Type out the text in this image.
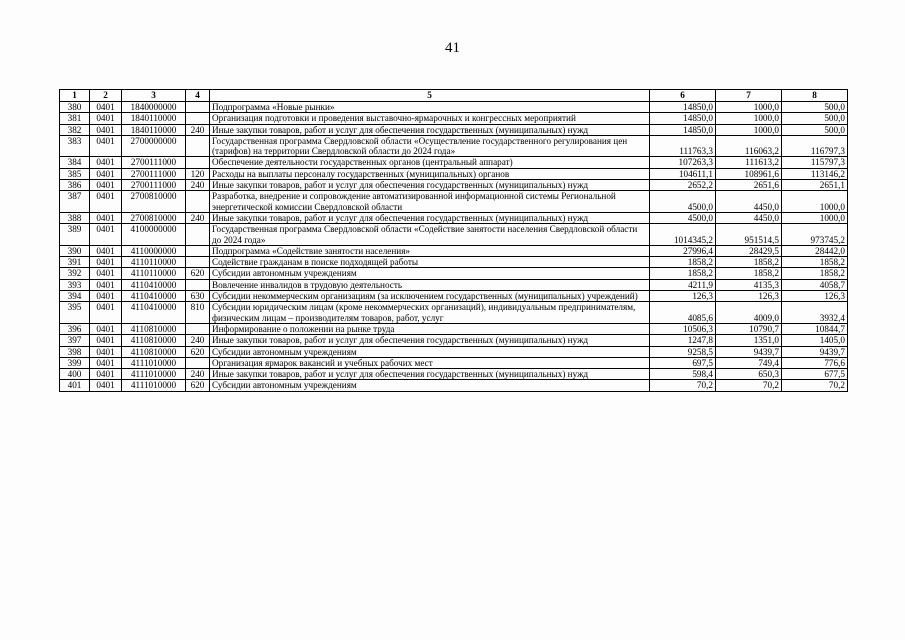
41
1	2	3	4	5	6	7	8
380	0401	1840000000		Подпрограмма «Новые рынки»	14850,0	1000,0	500,0
381	0401	1840110000		Организация подготовки и проведения выставочно-ярмарочных и конгрессных мероприятий	14850,0	1000,0	500,0
382	0401	1840110000	240	Иные закупки товаров, работ и услуг для обеспечения государственных (муниципальных) нужд	14850,0	1000,0	500,0
383	0401	2700000000		Государственная программа Свердловской области «Осуществление государственного регулирования цен (тарифов) на территории Свердловской области до 2024 года»	111763,3	116063,2	116797,3
384	0401	2700111000		Обеспечение деятельности государственных органов (центральный аппарат)	107263,3	111613,2	115797,3
385	0401	2700111000	120	Расходы на выплаты персоналу государственных (муниципальных) органов	104611,1	108961,6	113146,2
386	0401	2700111000	240	Иные закупки товаров, работ и услуг для обеспечения государственных (муниципальных) нужд	2652,2	2651,6	2651,1
387	0401	2700810000		Разработка, внедрение и сопровождение автоматизированной информационной системы Региональной энергетической комиссии Свердловской области	4500,0	4450,0	1000,0
388	0401	2700810000	240	Иные закупки товаров, работ и услуг для обеспечения государственных (муниципальных) нужд	4500,0	4450,0	1000,0
389	0401	4100000000		Государственная программа Свердловской области «Содействие занятости населения Свердловской области до 2024 года»	1014345,2	951514,5	973745,2
390	0401	4110000000		Подпрограмма «Содействие занятости населения»	27996,4	28429,5	28442,0
391	0401	4110110000		Содействие гражданам в поиске подходящей работы	1858,2	1858,2	1858,2
392	0401	4110110000	620	Субсидии автономным учреждениям	1858,2	1858,2	1858,2
393	0401	4110410000		Вовлечение инвалидов в трудовую деятельность	4211,9	4135,3	4058,7
394	0401	4110410000	630	Субсидии некоммерческим организациям (за исключением государственных (муниципальных) учреждений)	126,3	126,3	126,3
395	0401	4110410000	810	Субсидии юридическим лицам (кроме некоммерческих организаций), индивидуальным предпринимателям, физическим лицам – производителям товаров, работ, услуг	4085,6	4009,0	3932,4
396	0401	4110810000		Информирование о положении на рынке труда	10506,3	10790,7	10844,7
397	0401	4110810000	240	Иные закупки товаров, работ и услуг для обеспечения государственных (муниципальных) нужд	1247,8	1351,0	1405,0
398	0401	4110810000	620	Субсидии автономным учреждениям	9258,5	9439,7	9439,7
399	0401	4111010000		Организация ярмарок вакансий и учебных рабочих мест	697,5	749,4	776,6
400	0401	4111010000	240	Иные закупки товаров, работ и услуг для обеспечения государственных (муниципальных) нужд	598,4	650,3	677,5
401	0401	4111010000	620	Субсидии автономным учреждениям	70,2	70,2	70,2
